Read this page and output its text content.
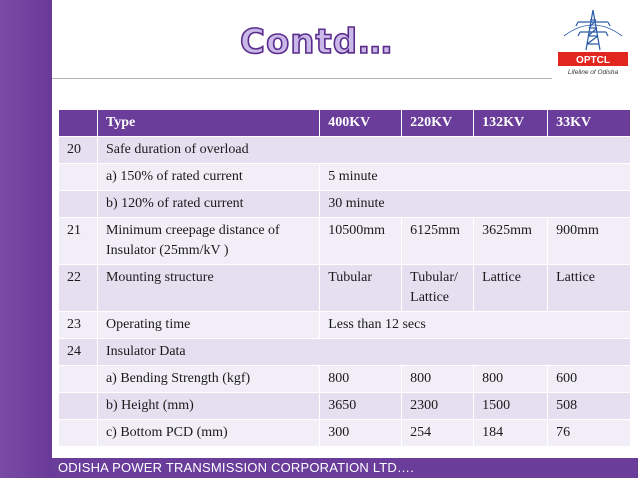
Contd…	OPTCL
Lifeline of Odisha
	Type	400KV	220KV	132KV	33KV
20	Safe duration of overload				
	a) 150% of rated current	5 minute			
	b) 120% of rated current	30 minute			
21	Minimum creepage distance of Insulator (25mm/kV )	10500mm	6125mm	3625mm	900mm
22	Mounting structure	Tubular	Tubular/ Lattice	Lattice	Lattice
23	Operating time	Less than 12 secs			
24	Insulator Data				
	a) Bending Strength (kgf)	800	800	800	600
	b) Height (mm)	3650	2300	1500	508
	c) Bottom PCD (mm)	300	254	184	76
ODISHA POWER TRANSMISSION CORPORATION LTD….
